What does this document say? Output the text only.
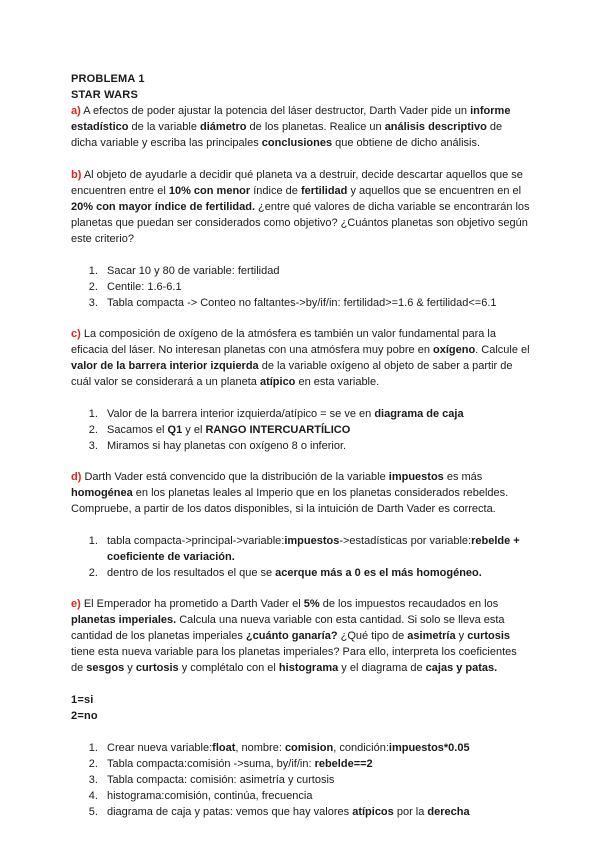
PROBLEMA 1

STAR WARS

a) A efectos de poder ajustar la potencia del láser destructor, Darth Vader pide un informe estadístico de la variable diámetro de los planetas. Realice un análisis descriptivo de dicha variable y escriba las principales conclusiones que obtiene de dicho análisis.

b) Al objeto de ayudarle a decidir qué planeta va a destruir, decide descartar aquellos que se encuentren entre el 10% con menor índice de fertilidad y aquellos que se encuentren en el 20% con mayor índice de fertilidad. ¿entre qué valores de dicha variable se encontrarán los planetas que puedan ser considerados como objetivo? ¿Cuántos planetas son objetivo según este criterio?

1. Sacar 10 y 80 de variable: fertilidad
2. Centile: 1.6-6.1
3. Tabla compacta -> Conteo no faltantes->by/if/in: fertilidad>=1.6 & fertilidad<=6.1

c) La composición de oxígeno de la atmósfera es también un valor fundamental para la eficacia del láser. No interesan planetas con una atmósfera muy pobre en oxígeno. Calcule el valor de la barrera interior izquierda de la variable oxígeno al objeto de saber a partir de cuál valor se considerará a un planeta atípico en esta variable.

1. Valor de la barrera interior izquierda/atípico = se ve en diagrama de caja
2. Sacamos el Q1 y el RANGO INTERCUARTÍLICO
3. Miramos si hay planetas con oxígeno 8 o inferior.

d) Darth Vader está convencido que la distribución de la variable impuestos es más homogénea en los planetas leales al Imperio que en los planetas considerados rebeldes. Compruebe, a partir de los datos disponibles, si la intuición de Darth Vader es correcta.

1. tabla compacta->principal->variable:impuestos->estadísticas por variable:rebelde + coeficiente de variación.
2. dentro de los resultados el que se acerque más a 0 es el más homogéneo.

e) El Emperador ha prometido a Darth Vader el 5% de los impuestos recaudados en los planetas imperiales. Calcula una nueva variable con esta cantidad. Si solo se lleva esta cantidad de los planetas imperiales ¿cuánto ganaría? ¿Qué tipo de asimetría y curtosis tiene esta nueva variable para los planetas imperiales? Para ello, interpreta los coeficientes de sesgos y curtosis y complétalo con el histograma y el diagrama de cajas y patas.

1=si

2=no

1. Crear nueva variable:float, nombre: comision, condición:impuestos*0.05
2. Tabla compacta:comisión ->suma, by/if/in: rebelde==2
3. Tabla compacta: comisión: asimetría y curtosis
4. histograma:comisión, continúa, frecuencia
5. diagrama de caja y patas: vemos que hay valores atípicos por la derecha
